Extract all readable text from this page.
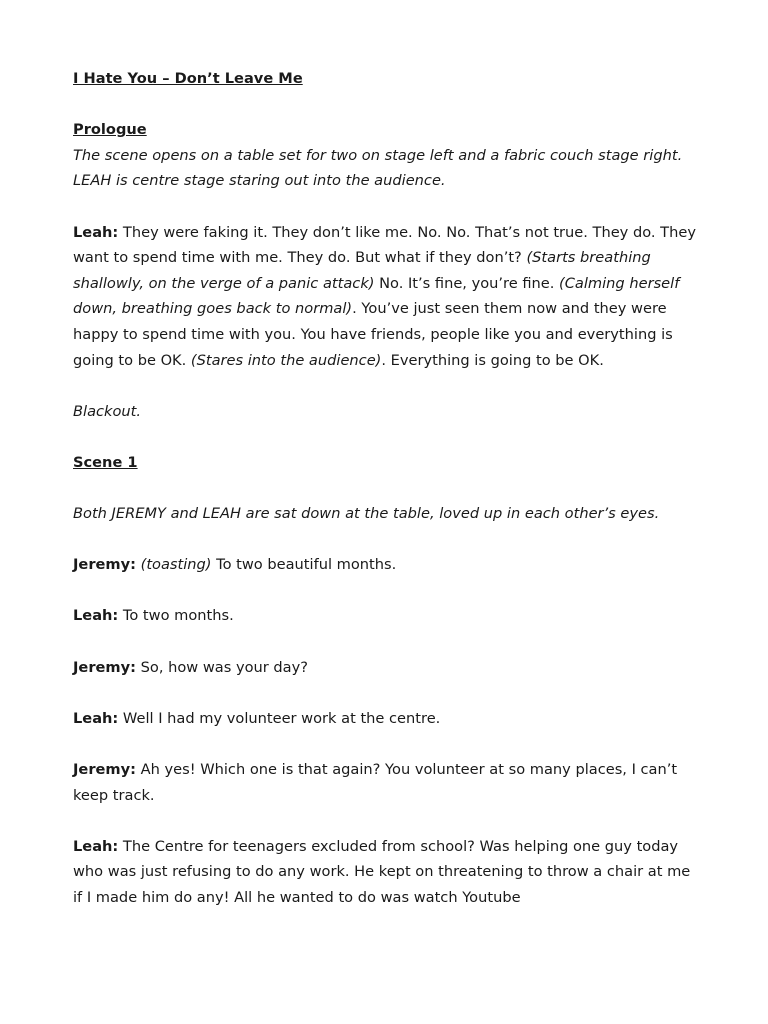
I Hate You – Don’t Leave Me

Prologue

The scene opens on a table set for two on stage left and a fabric couch stage right. LEAH is centre stage staring out into the audience.

Leah: They were faking it. They don’t like me. No. No. That’s not true. They do. They want to spend time with me. They do. But what if they don’t? (Starts breathing shallowly, on the verge of a panic attack) No. It’s fine, you’re fine. (Calming herself down, breathing goes back to normal). You’ve just seen them now and they were happy to spend time with you. You have friends, people like you and everything is going to be OK. (Stares into the audience). Everything is going to be OK.

Blackout.

Scene 1

Both JEREMY and LEAH are sat down at the table, loved up in each other’s eyes.

Jeremy: (toasting) To two beautiful months.

Leah: To two months.

Jeremy: So, how was your day?

Leah: Well I had my volunteer work at the centre.

Jeremy: Ah yes! Which one is that again? You volunteer at so many places, I can’t keep track.

Leah: The Centre for teenagers excluded from school? Was helping one guy today who was just refusing to do any work. He kept on threatening to throw a chair at me if I made him do any! All he wanted to do was watch Youtube
